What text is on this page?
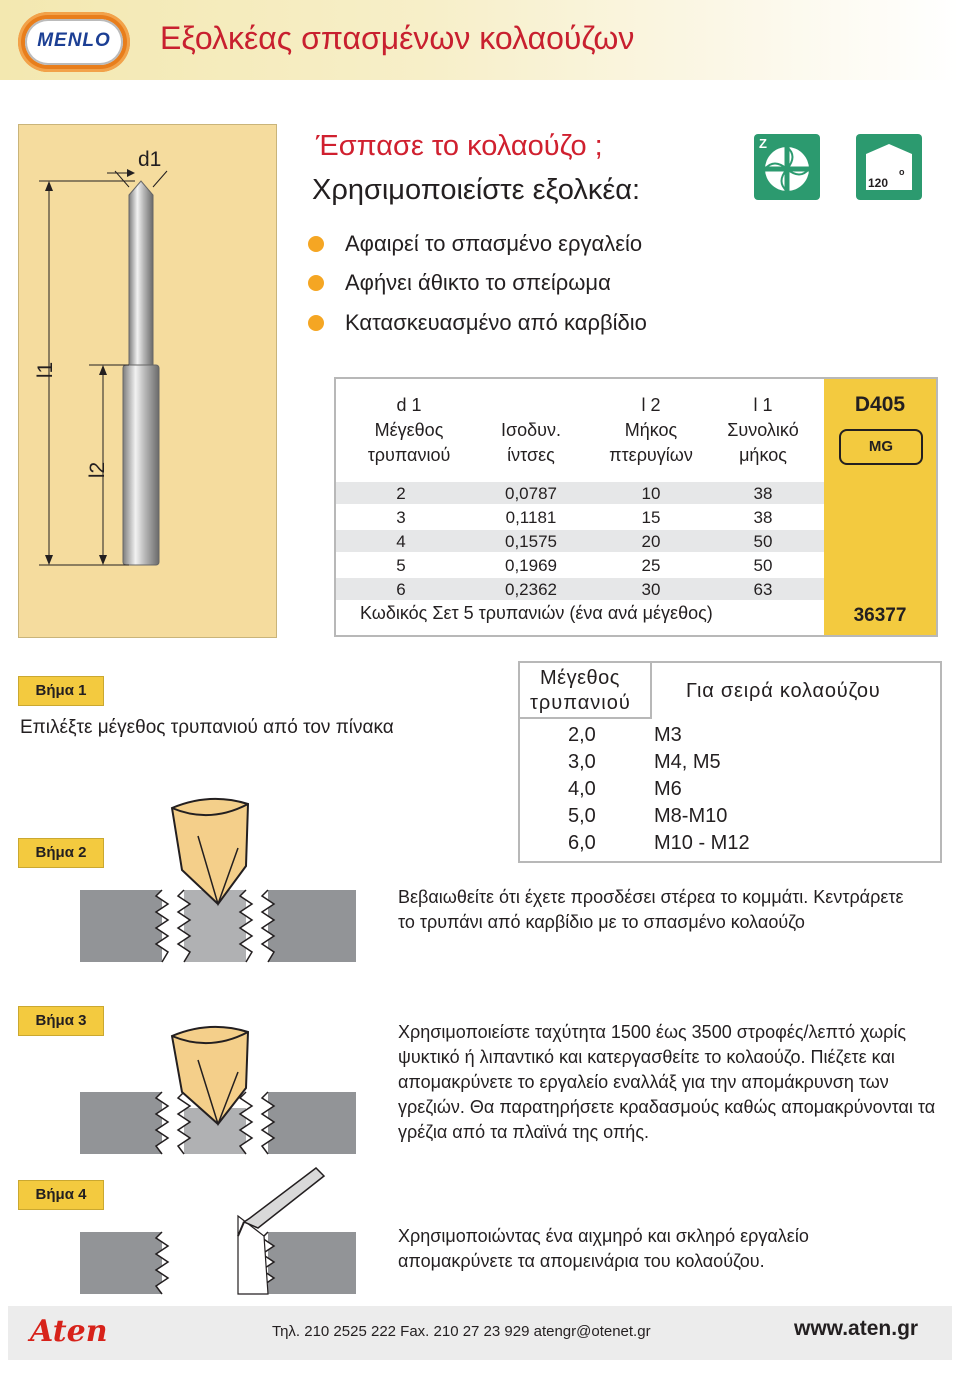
MENLO	Εξολκέας σπασμένων κολαούζων
d1
l1
l2
Έσπασε το κολαούζο ;
Χρησιμοποιείστε εξολκέα:
Αφαιρεί το σπασμένο εργαλείο
Αφήνει άθικτο το σπείρωμα
Κατασκευασμένο από καρβίδιο
Z
120
o
d 1
Μέγεθος
τρυπανιού
Ισοδυν.
ίντσες
l 2
Μήκος
πτερυγίων
l 1
Συνολικό
μήκος
2	0,0787	10	38
3	0,1181	15	38
4	0,1575	20	50
5	0,1969	25	50
6	0,2362	30	63
Κωδικός Σετ 5 τρυπανιών (ένα ανά μέγεθος)
D405
MG
36377
Βήμα 1
Επιλέξτε μέγεθος τρυπανιού από τον πίνακα
Μέγεθος
τρυπανιού
Για σειρά κολαούζου
2,0	M3
3,0	M4, M5
4,0	M6
5,0	M8-M10
6,0	M10 - M12
Βήμα 2
Βεβαιωθείτε ότι έχετε προσδέσει στέρεα το κομμάτι. Κεντράρετε το τρυπάνι από καρβίδιο με το σπασμένο κολαούζο
Βήμα 3
Χρησιμοποιείστε ταχύτητα 1500 έως 3500 στροφές/λεπτό χωρίς ψυκτικό ή λιπαντικό και κατεργασθείτε το κολαούζο. Πιέζετε και απομακρύνετε το εργαλείο εναλλάξ για την απομάκρυνση των γρεζιών. Θα παρατηρήσετε κραδασμούς καθώς απομακρύνονται τα γρέζια από τα πλαϊνά της οπής.
Βήμα 4
Χρησιμοποιώντας ένα αιχμηρό και σκληρό εργαλείο απομακρύνετε τα απομεινάρια του κολαούζου.
Aten	Τηλ. 210 2525 222 Fax. 210 27 23 929 atengr@otenet.gr	www.aten.gr
